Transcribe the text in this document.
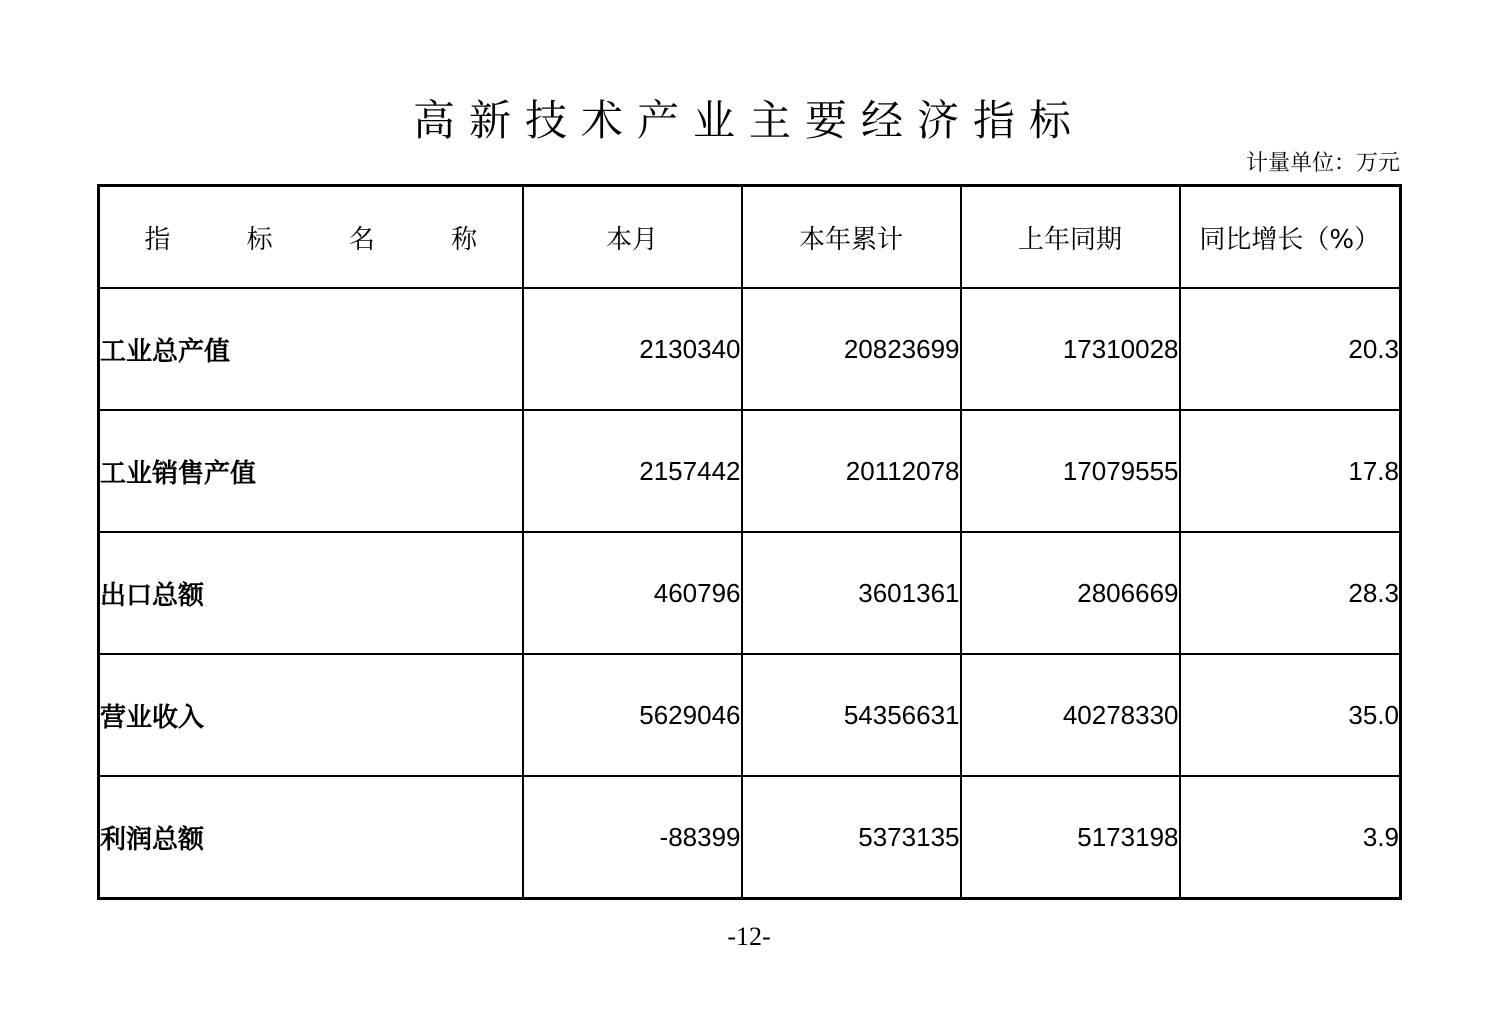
高新技术产业主要经济指标
计量单位：万元
指 标 名 称	本月	本年累计	上年同期	同比增长（%）
工业总产值	2130340	20823699	17310028	20.3
工业销售产值	2157442	20112078	17079555	17.8
出口总额	460796	3601361	2806669	28.3
营业收入	5629046	54356631	40278330	35.0
利润总额	-88399	5373135	5173198	3.9
-12-
